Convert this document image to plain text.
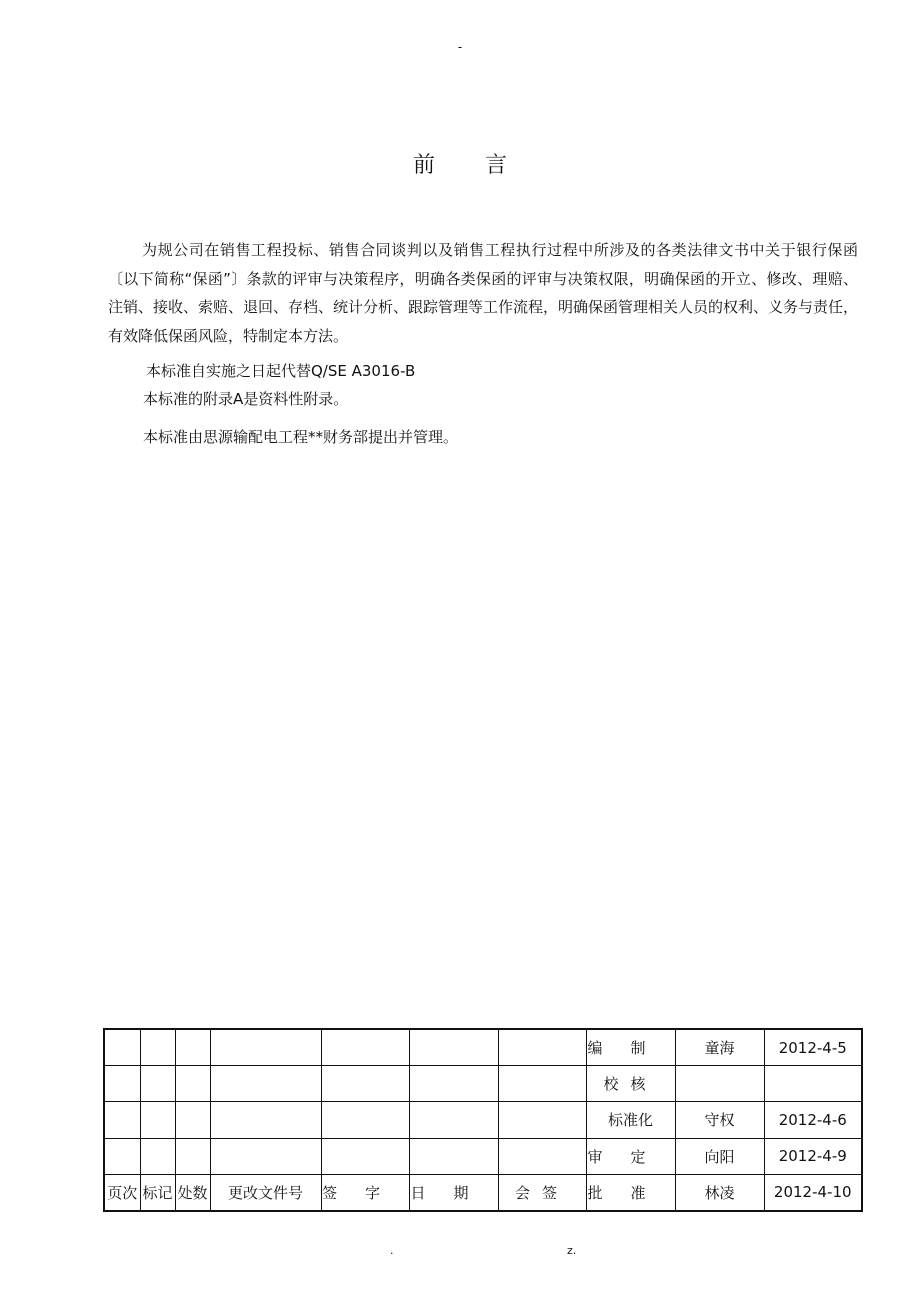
-
前 言

为规公司在销售工程投标、销售合同谈判以及销售工程执行过程中所涉及的各类法律文书中关于银行保函〔以下简称“保函”〕条款的评审与决策程序，明确各类保函的评审与决策权限，明确保函的开立、修改、理赔、注销、接收、索赔、退回、存档、统计分析、跟踪管理等工作流程，明确保函管理相关人员的权利、义务与责任，有效降低保函风险，特制定本方法。

本标准自实施之日起代替Q/SE A3016-B

本标准的附录A是资料性附录。

本标准由思源输配电工程**财务部提出并管理。

							编制	童海	2012-4-5
							校核		
							标准化	守权	2012-4-6
							审定	向阳	2012-4-9
页次	标记	处数	更改文件号	签字	日期	会签	批准	林凌	2012-4-10
.	z.
